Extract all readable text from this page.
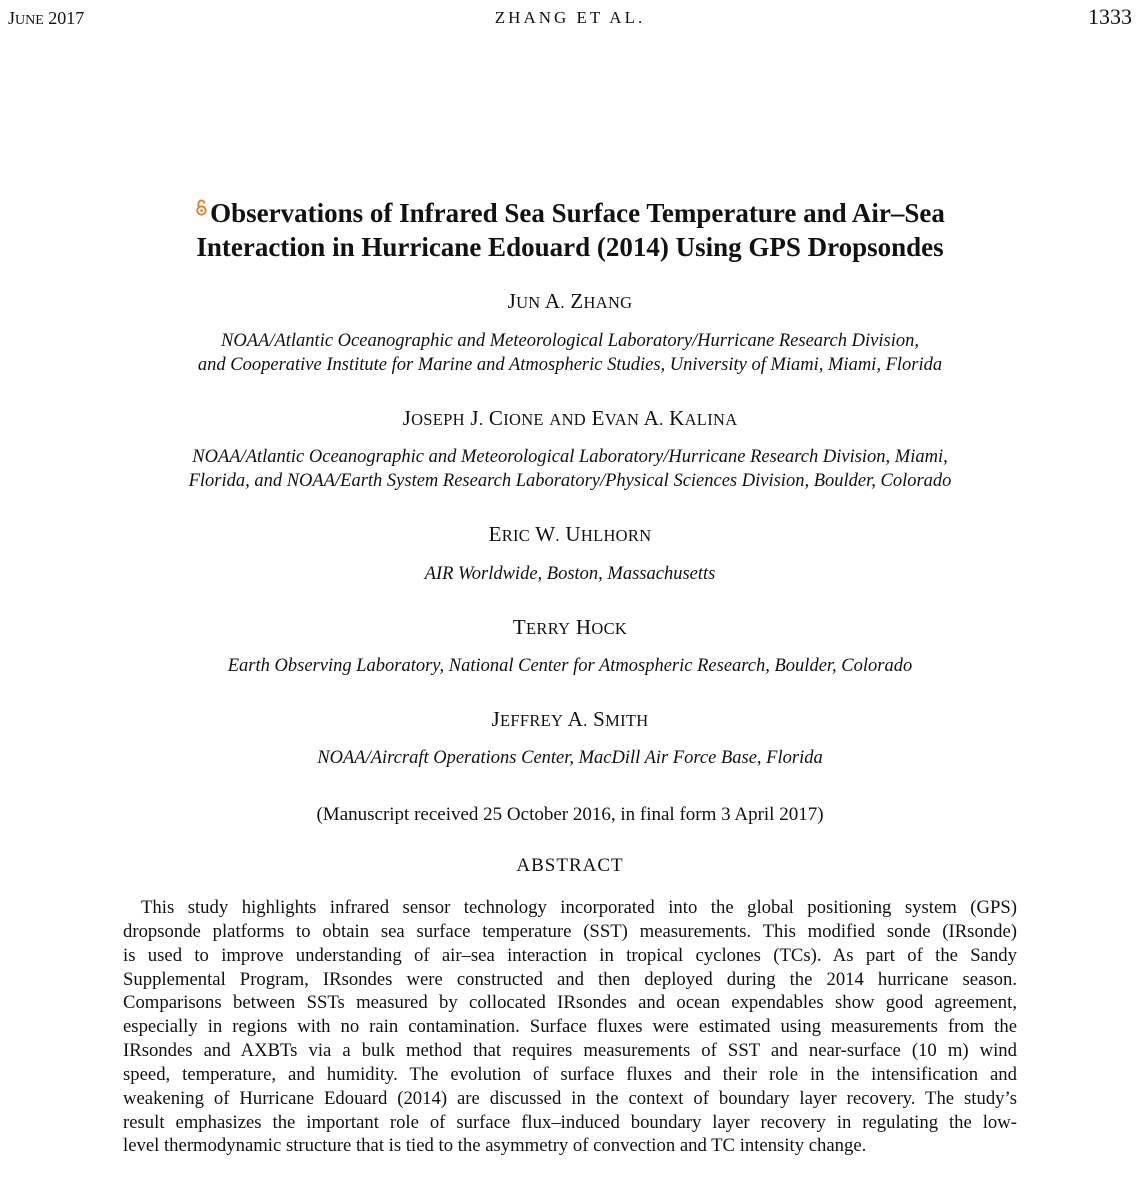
JUNE 2017	ZHANG ET AL.	1333
Observations of Infrared Sea Surface Temperature and Air–Sea
Interaction in Hurricane Edouard (2014) Using GPS Dropsondes
JUN A. ZHANG
NOAA/Atlantic Oceanographic and Meteorological Laboratory/Hurricane Research Division,
and Cooperative Institute for Marine and Atmospheric Studies, University of Miami, Miami, Florida
JOSEPH J. CIONE AND EVAN A. KALINA
NOAA/Atlantic Oceanographic and Meteorological Laboratory/Hurricane Research Division, Miami,
Florida, and NOAA/Earth System Research Laboratory/Physical Sciences Division, Boulder, Colorado
ERIC W. UHLHORN
AIR Worldwide, Boston, Massachusetts
TERRY HOCK
Earth Observing Laboratory, National Center for Atmospheric Research, Boulder, Colorado
JEFFREY A. SMITH
NOAA/Aircraft Operations Center, MacDill Air Force Base, Florida
(Manuscript received 25 October 2016, in final form 3 April 2017)
ABSTRACT

This study highlights infrared sensor technology incorporated into the global positioning system (GPS)
dropsonde platforms to obtain sea surface temperature (SST) measurements. This modified sonde (IRsonde)
is used to improve understanding of air–sea interaction in tropical cyclones (TCs). As part of the Sandy
Supplemental Program, IRsondes were constructed and then deployed during the 2014 hurricane season.
Comparisons between SSTs measured by collocated IRsondes and ocean expendables show good agreement,
especially in regions with no rain contamination. Surface fluxes were estimated using measurements from the
IRsondes and AXBTs via a bulk method that requires measurements of SST and near-surface (10 m) wind
speed, temperature, and humidity. The evolution of surface fluxes and their role in the intensification and
weakening of Hurricane Edouard (2014) are discussed in the context of boundary layer recovery. The study’s
result emphasizes the important role of surface flux–induced boundary layer recovery in regulating the low-
level thermodynamic structure that is tied to the asymmetry of convection and TC intensity change.
